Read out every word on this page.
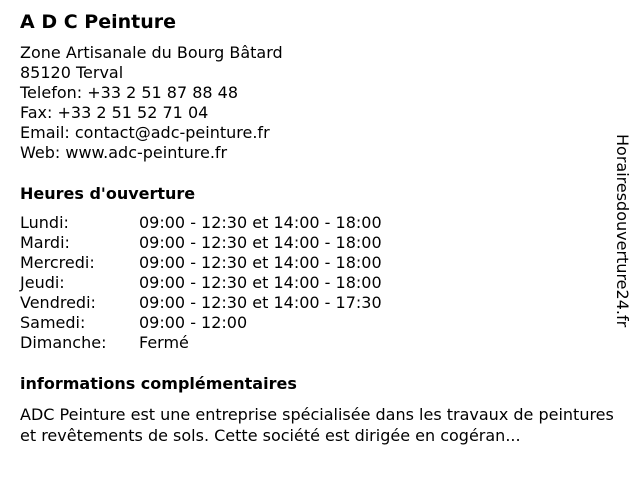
A D C Peinture
Zone Artisanale du Bourg Bâtard
85120 Terval
Telefon: +33 2 51 87 88 48
Fax: +33 2 51 52 71 04
Email: contact@adc-peinture.fr
Web: www.adc-peinture.fr
Heures d'ouverture
Lundi:	09:00 - 12:30 et 14:00 - 18:00
Mardi:	09:00 - 12:30 et 14:00 - 18:00
Mercredi:	09:00 - 12:30 et 14:00 - 18:00
Jeudi:	09:00 - 12:30 et 14:00 - 18:00
Vendredi:	09:00 - 12:30 et 14:00 - 17:30
Samedi:	09:00 - 12:00
Dimanche: Fermé
informations complémentaires
ADC Peinture est une entreprise spécialisée dans les travaux de peintures et revêtements de sols. Cette société est dirigée en cogéran...
Horairesdouverture24.fr
